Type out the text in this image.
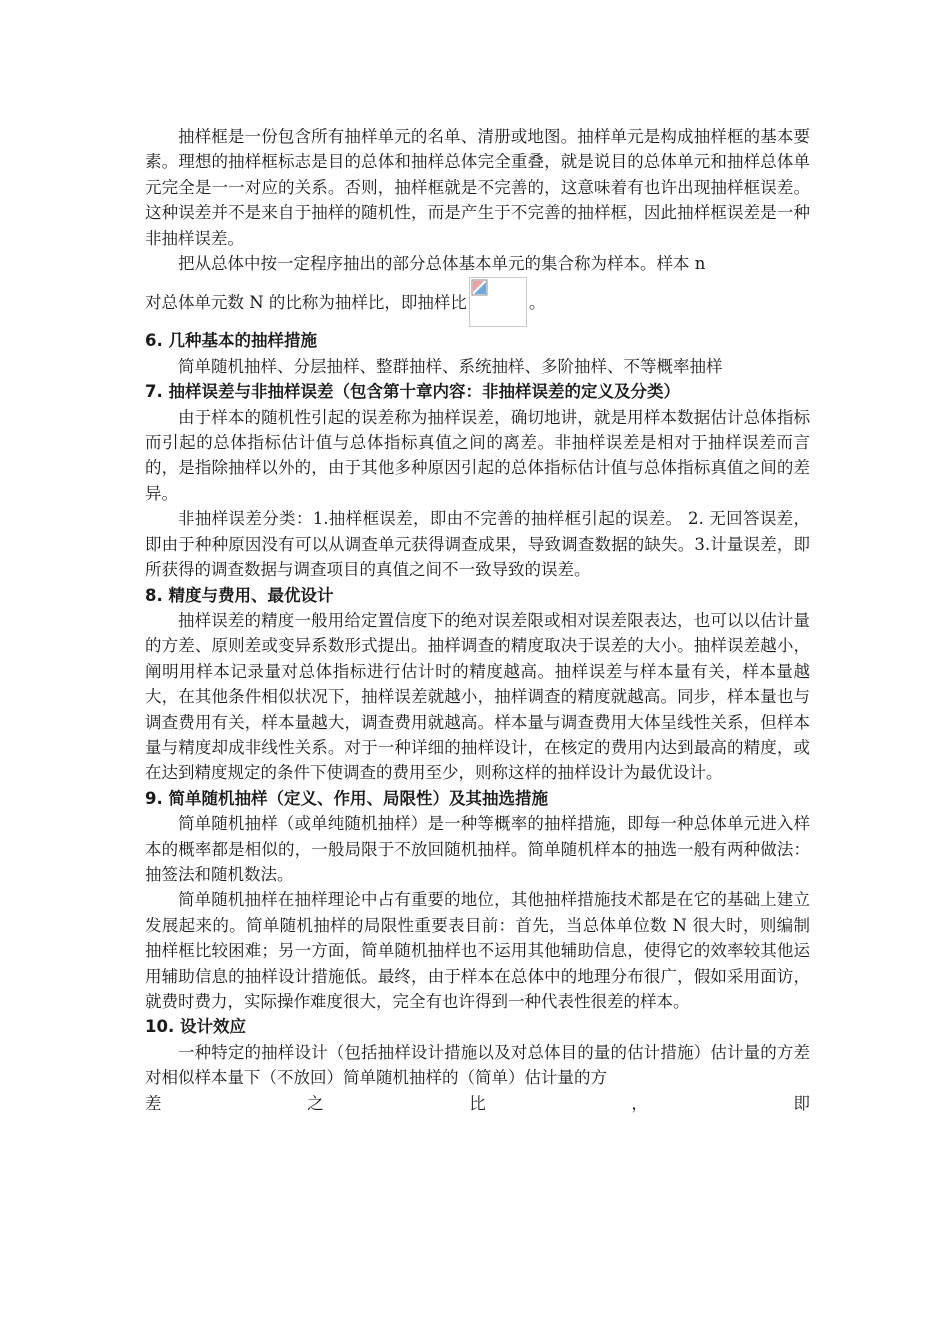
抽样框是一份包含所有抽样单元的名单、清册或地图。抽样单元是构成抽样框的基本要素。理想的抽样框标志是目的总体和抽样总体完全重叠，就是说目的总体单元和抽样总体单元完全是一一对应的关系。否则，抽样框就是不完善的，这意味着有也许出现抽样框误差。这种误差并不是来自于抽样的随机性，而是产生于不完善的抽样框，因此抽样框误差是一种非抽样误差。

把从总体中按一定程序抽出的部分总体基本单元的集合称为样本。样本 n

对总体单元数 N 的比称为抽样比，即抽样比	。

6. 几种基本的抽样措施

简单随机抽样、分层抽样、整群抽样、系统抽样、多阶抽样、不等概率抽样

7. 抽样误差与非抽样误差（包含第十章内容：非抽样误差的定义及分类）

由于样本的随机性引起的误差称为抽样误差，确切地讲，就是用样本数据估计总体指标而引起的总体指标估计值与总体指标真值之间的离差。非抽样误差是相对于抽样误差而言的，是指除抽样以外的，由于其他多种原因引起的总体指标估计值与总体指标真值之间的差异。

非抽样误差分类：1.抽样框误差，即由不完善的抽样框引起的误差。 2. 无回答误差，即由于种种原因没有可以从调查单元获得调查成果，导致调查数据的缺失。3.计量误差，即所获得的调查数据与调查项目的真值之间不一致导致的误差。

8. 精度与费用、最优设计

抽样误差的精度一般用给定置信度下的绝对误差限或相对误差限表达，也可以以估计量的方差、原则差或变异系数形式提出。抽样调查的精度取决于误差的大小。抽样误差越小，阐明用样本记录量对总体指标进行估计时的精度越高。抽样误差与样本量有关，样本量越大，在其他条件相似状况下，抽样误差就越小，抽样调查的精度就越高。同步，样本量也与调查费用有关，样本量越大，调查费用就越高。样本量与调查费用大体呈线性关系，但样本量与精度却成非线性关系。对于一种详细的抽样设计，在核定的费用内达到最高的精度，或在达到精度规定的条件下使调查的费用至少，则称这样的抽样设计为最优设计。

9. 简单随机抽样（定义、作用、局限性）及其抽选措施

简单随机抽样（或单纯随机抽样）是一种等概率的抽样措施，即每一种总体单元进入样本的概率都是相似的，一般局限于不放回随机抽样。简单随机样本的抽选一般有两种做法：抽签法和随机数法。

简单随机抽样在抽样理论中占有重要的地位，其他抽样措施技术都是在它的基础上建立发展起来的。简单随机抽样的局限性重要表目前：首先，当总体单位数 N 很大时，则编制抽样框比较困难；另一方面，简单随机抽样也不运用其他辅助信息，使得它的效率较其他运用辅助信息的抽样设计措施低。最终，由于样本在总体中的地理分布很广，假如采用面访，就费时费力，实际操作难度很大，完全有也许得到一种代表性很差的样本。

10. 设计效应

一种特定的抽样设计（包括抽样设计措施以及对总体目的量的估计措施）估计量的方差对相似样本量下（不放回）简单随机抽样的（简单）估计量的方

差	之	比	，	即
